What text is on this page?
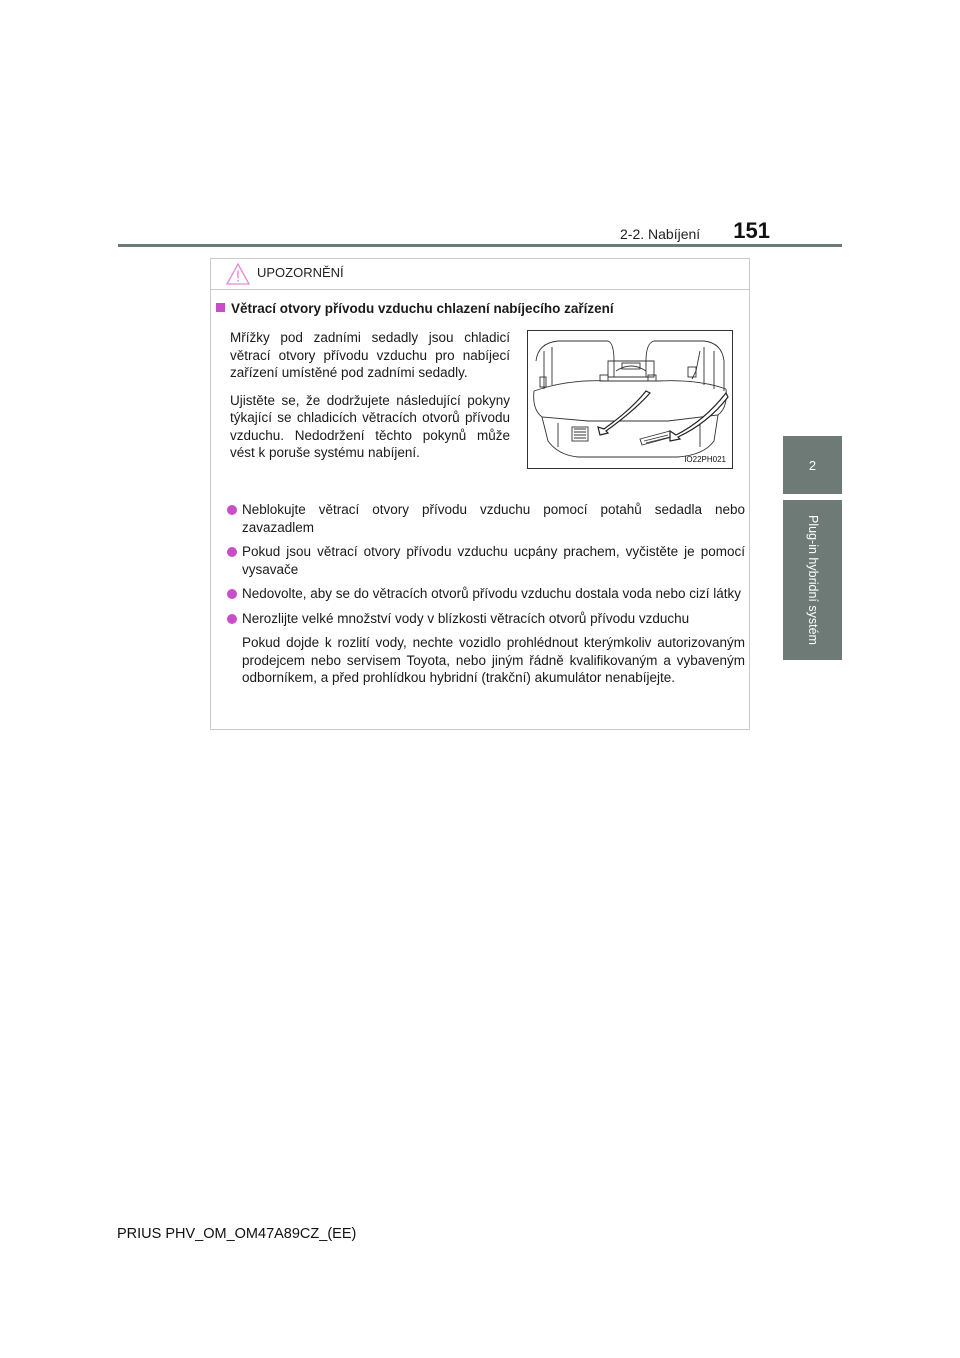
2-2. Nabíjení 151
2
Plug-in hybridní systém
UPOZORNĚNÍ
Větrací otvory přívodu vzduchu chlazení nabíjecího zařízení

Mřížky pod zadními sedadly jsou chladicí větrací otvory přívodu vzduchu pro nabíjecí zařízení umístěné pod zadními sedadly.

Ujistěte se, že dodržujete následující pokyny týkající se chladicích větracích otvorů přívodu vzduchu. Nedodržení těchto pokynů může vést k poruše systému nabíjení.	IO22PH021
Neblokujte větrací otvory přívodu vzduchu pomocí potahů sedadla nebo zavazadlem
Pokud jsou větrací otvory přívodu vzduchu ucpány prachem, vyčistěte je pomocí vysavače
Nedovolte, aby se do větracích otvorů přívodu vzduchu dostala voda nebo cizí látky
Nerozlijte velké množství vody v blízkosti větracích otvorů přívodu vzduchu
Pokud dojde k rozlití vody, nechte vozidlo prohlédnout kterýmkoliv autorizovaným prodejcem nebo servisem Toyota, nebo jiným řádně kvalifikovaným a vybaveným odborníkem, a před prohlídkou hybridní (trakční) akumulátor nenabíjejte.
PRIUS PHV_OM_OM47A89CZ_(EE)
